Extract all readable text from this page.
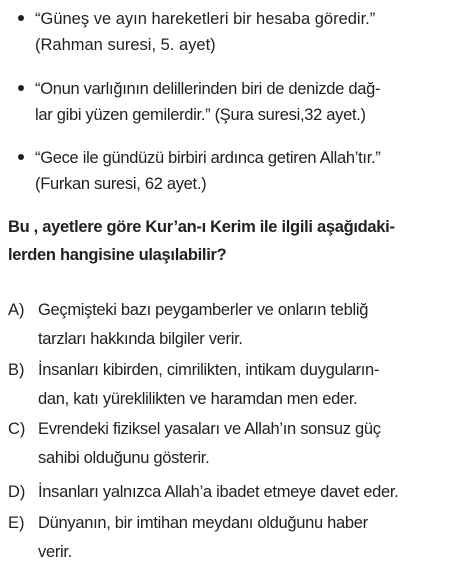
“Güneş ve ayın hareketleri bir hesaba göredir.”
(Rahman suresi, 5. ayet)
“Onun varlığının delillerinden biri de denizde dağ-
lar gibi yüzen gemilerdir.” (Şura suresi,32 ayet.)
“Gece ile gündüzü birbiri ardınca getiren Allah’tır.”
(Furkan suresi, 62 ayet.)
Bu , ayetlere göre Kur’an-ı Kerim ile ilgili aşağıdaki-
lerden hangisine ulaşılabilir?
A) Geçmişteki bazı peygamberler ve onların tebliğ
tarzları hakkında bilgiler verir.
B) İnsanları kibirden, cimrilikten, intikam duyguların-
dan, katı yüreklilikten ve haramdan men eder.
C) Evrendeki fiziksel yasaları ve Allah’ın sonsuz güç
sahibi olduğunu gösterir.
D) İnsanları yalnızca Allah’a ibadet etmeye davet eder.
E) Dünyanın, bir imtihan meydanı olduğunu haber
verir.
